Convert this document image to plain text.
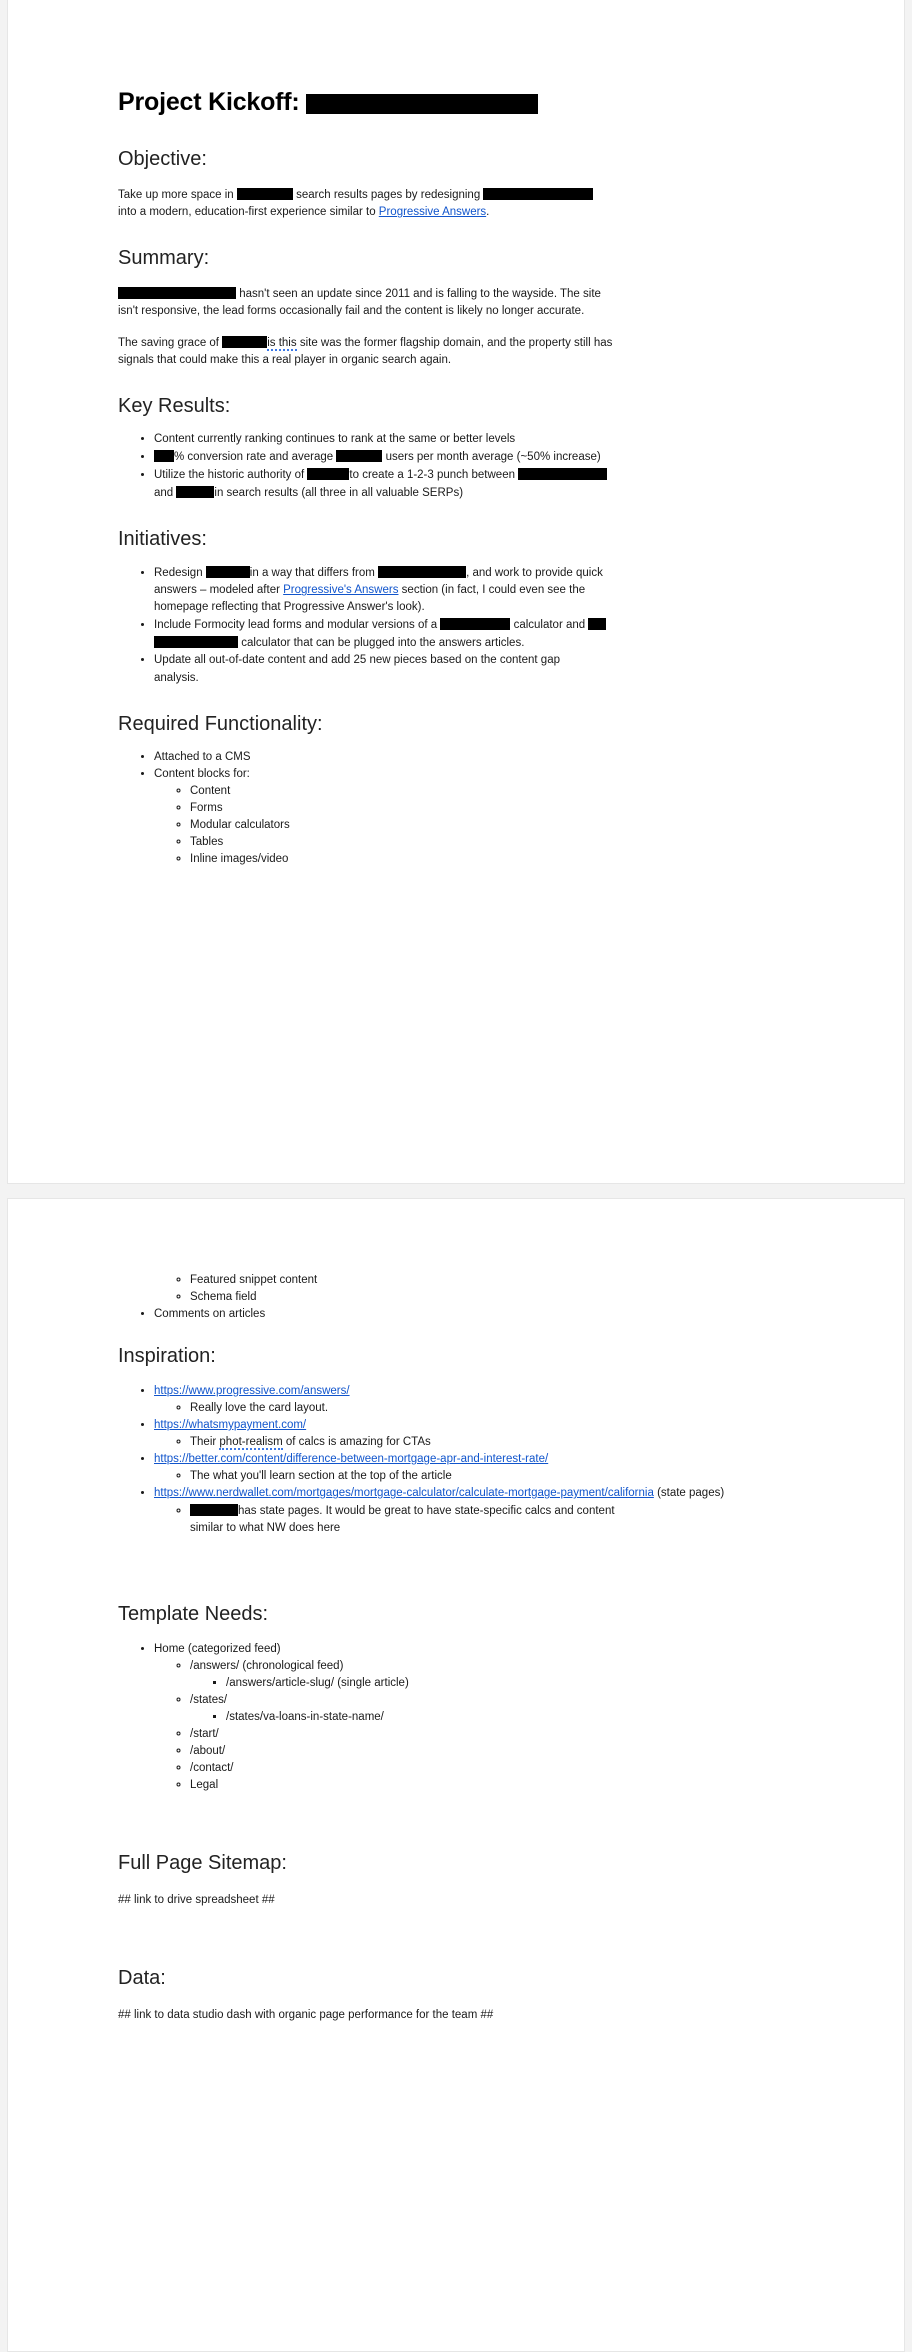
Project Kickoff:
Objective:

Take up more space in	search results pages by redesigning
into a modern, education-first experience similar to Progressive Answers.

Summary:

hasn't seen an update since 2011 and is falling to the wayside. The site
isn't responsive, the lead forms occasionally fail and the content is likely no longer accurate.

The saving grace of	is this site was the former flagship domain, and the property still has
signals that could make this a real player in organic search again.

Key Results:
• Content currently ranking continues to rank at the same or better levels
• % conversion rate and average	users per month average (~50% increase)
• Utilize the historic authority of	to create a 1-2-3 punch between
and	in search results (all three in all valuable SERPs)
Initiatives:
• Redesign	in a way that differs from	, and work to provide quick
answers – modeled after Progressive's Answers section (in fact, I could even see the
homepage reflecting that Progressive Answer's look).
• Include Formocity lead forms and modular versions of a	calculator and
calculator that can be plugged into the answers articles.
• Update all out-of-date content and add 25 new pieces based on the content gap
analysis.
Required Functionality:
• Attached to a CMS
• Content blocks for:
◦ Content
◦ Forms
◦ Modular calculators
◦ Tables
◦ Inline images/video
◦ Featured snippet content
◦ Schema field
• Comments on articles
Inspiration:
• https://www.progressive.com/answers/
◦ Really love the card layout.
• https://whatsmypayment.com/
◦ Their phot-realism of calcs is amazing for CTAs
• https://better.com/content/difference-between-mortgage-apr-and-interest-rate/
◦ The what you'll learn section at the top of the article
• https://www.nerdwallet.com/mortgages/mortgage-calculator/calculate-mortgage-payment/california (state pages)
◦ has state pages. It would be great to have state-specific calcs and content
similar to what NW does here
Template Needs:
• Home (categorized feed)
◦ /answers/ (chronological feed)
▪ /answers/article-slug/ (single article)
◦ /states/
▪ /states/va-loans-in-state-name/
◦ /start/
◦ /about/
◦ /contact/
◦ Legal
Full Page Sitemap:

## link to drive spreadsheet ##

Data:

## link to data studio dash with organic page performance for the team ##
